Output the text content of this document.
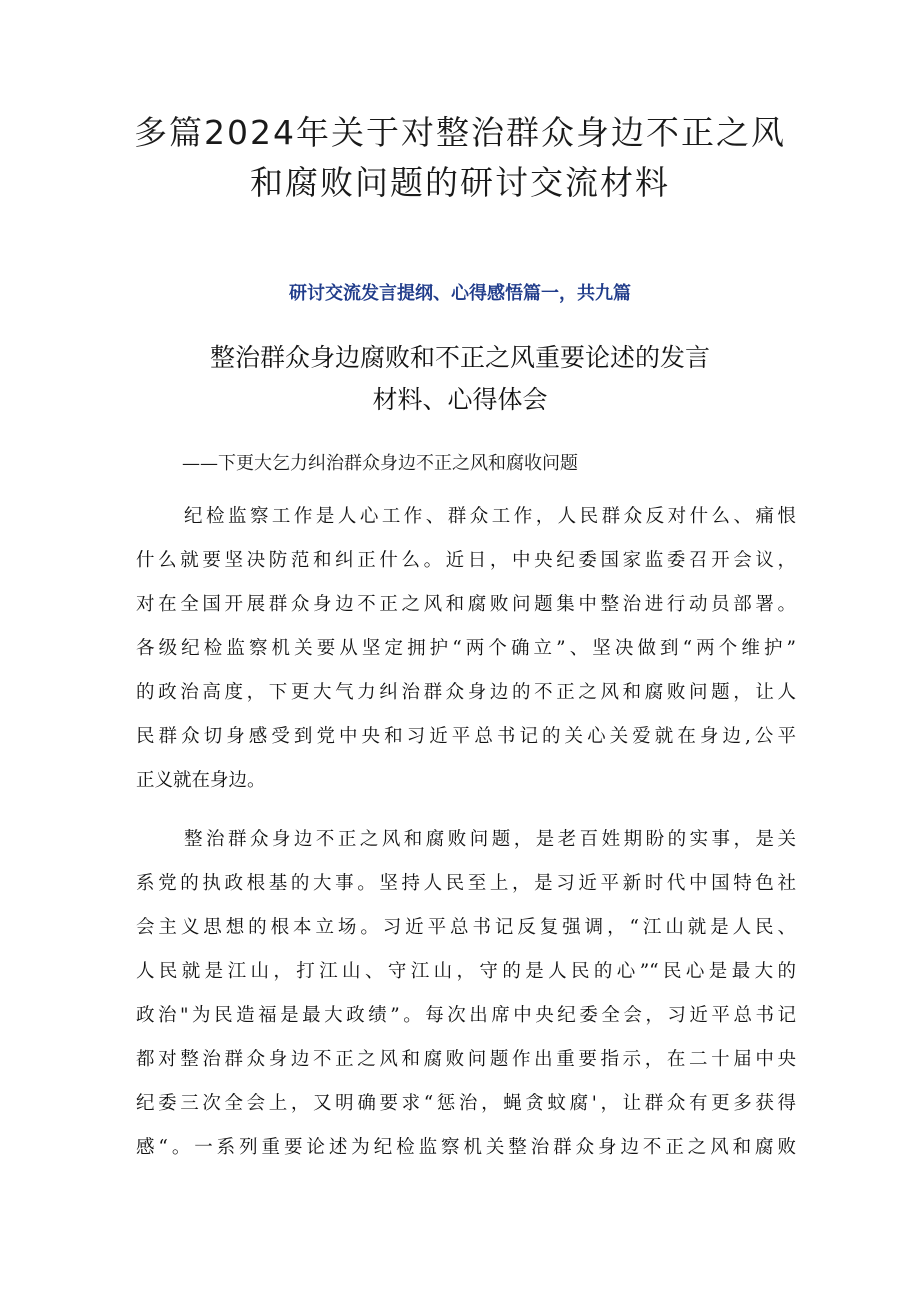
多篇2024年关于对整治群众身边不正之风
和腐败问题的研讨交流材料
研讨交流发言提纲、心得感悟篇一，共九篇
整治群众身边腐败和不正之风重要论述的发言
材料、心得体会
——下更大乞力纠治群众身边不正之风和腐收问题
纪检监察工作是人心工作、群众工作，人民群众反对什么、痛恨
什么就要坚决防范和纠正什么。近日，中央纪委国家监委召开会议，
对在全国开展群众身边不正之风和腐败问题集中整治进行动员部署。
各级纪检监察机关要从坚定拥护“两个确立”、坚决做到“两个维护”
的政治高度，下更大气力纠治群众身边的不正之风和腐败问题，让人
民群众切身感受到党中央和习近平总书记的关心关爱就在身边,公平
正义就在身边。
整治群众身边不正之风和腐败问题，是老百姓期盼的实事，是关
系党的执政根基的大事。坚持人民至上，是习近平新时代中国特色社
会主义思想的根本立场。习近平总书记反复强调，“江山就是人民、
人民就是江山，打江山、守江山，守的是人民的心”“民心是最大的
政治"为民造福是最大政绩”。每次出席中央纪委全会，习近平总书记
都对整治群众身边不正之风和腐败问题作出重要指示，在二十届中央
纪委三次全会上，又明确要求“惩治，蝇贪蚊腐'，让群众有更多获得
感“。一系列重要论述为纪检监察机关整治群众身边不正之风和腐败
